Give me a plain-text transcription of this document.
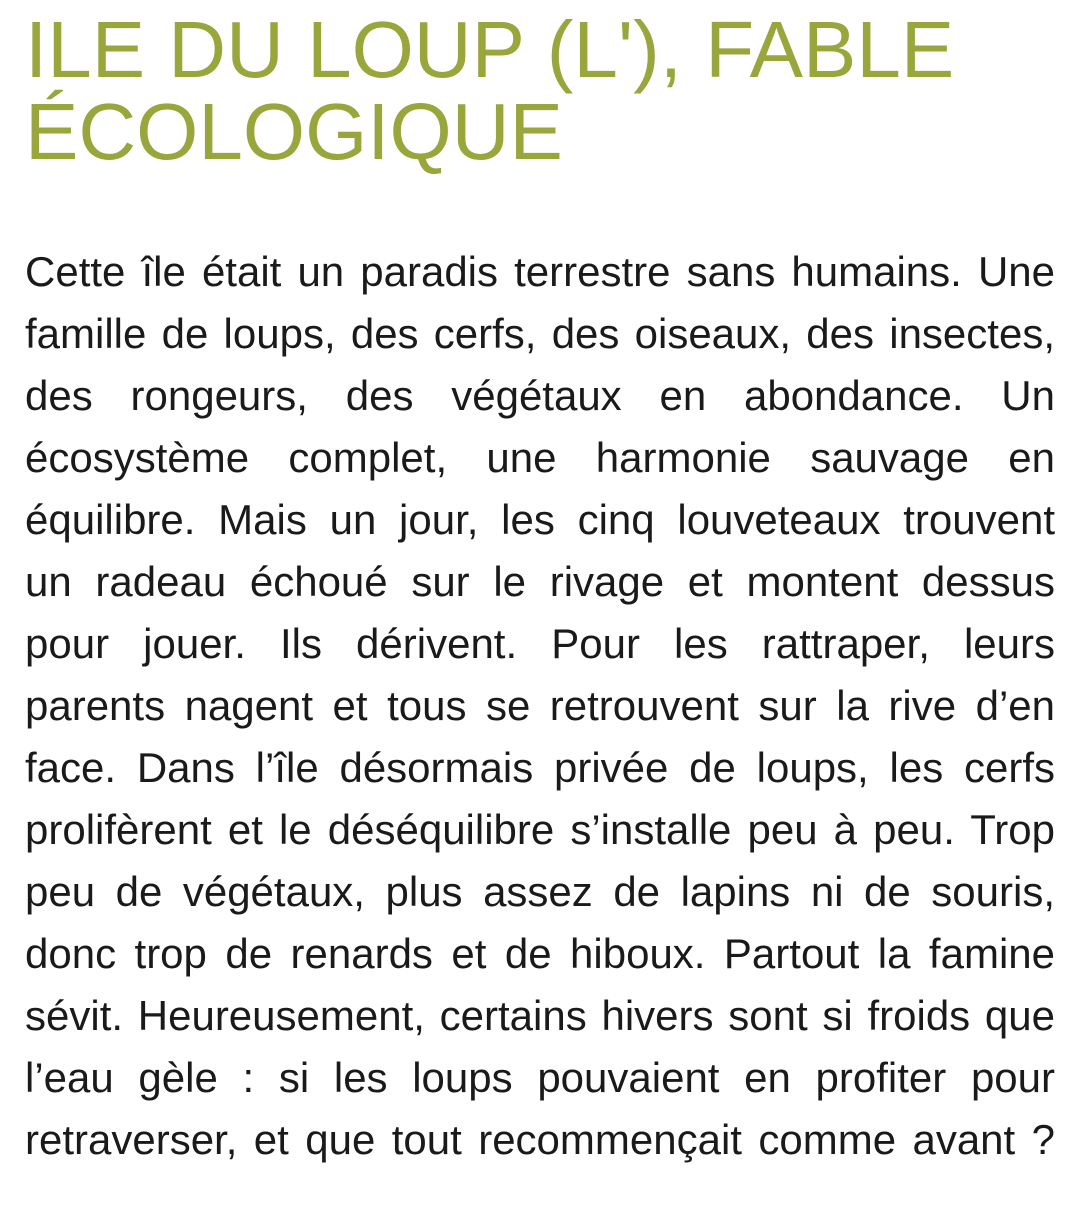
ILE DU LOUP (L'), FABLE ÉCOLOGIQUE
Cette île était un paradis terrestre sans humains. Une
famille de loups, des cerfs, des oiseaux, des insectes,
des rongeurs, des végétaux en abondance. Un
écosystème complet, une harmonie sauvage en
équilibre. Mais un jour, les cinq louveteaux trouvent
un radeau échoué sur le rivage et montent dessus
pour jouer. Ils dérivent. Pour les rattraper, leurs
parents nagent et tous se retrouvent sur la rive d’en
face. Dans l’île désormais privée de loups, les cerfs
prolifèrent et le déséquilibre s’installe peu à peu. Trop
peu de végétaux, plus assez de lapins ni de souris,
donc trop de renards et de hiboux. Partout la famine
sévit. Heureusement, certains hivers sont si froids que
l’eau gèle : si les loups pouvaient en profiter pour
retraverser, et que tout recommençait comme avant ?
